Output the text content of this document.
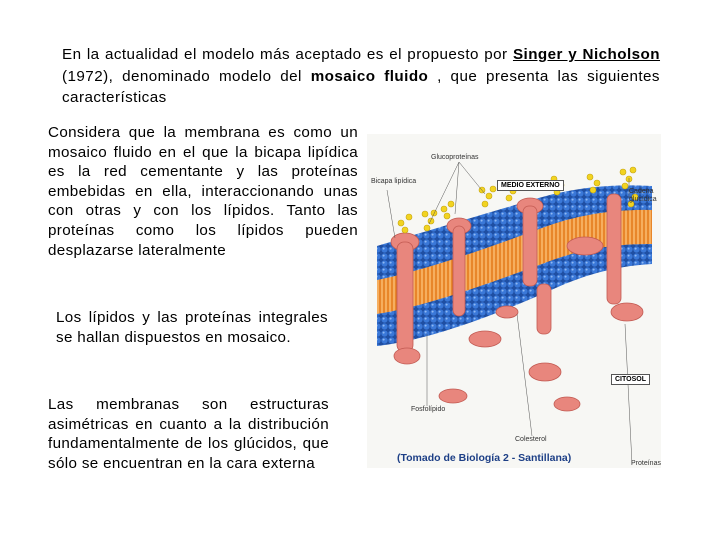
En la actualidad el modelo más aceptado es el propuesto por Singer y Nicholson (1972), denominado modelo del mosaico fluido , que presenta las siguientes características
Considera que la membrana es como un mosaico fluido en el que la bicapa lipídica es la red cementante y las proteínas embebidas en ella, interaccionando unas con otras y con los lípidos. Tanto las proteínas como los lípidos pueden desplazarse lateralmente
Los lípidos y las proteínas integrales se hallan dispuestos en mosaico.
Las membranas son estructuras asimétricas en cuanto a la distribución fundamentalmente de los glúcidos, que sólo se encuentran en la cara externa
Glucoproteínas
Bicapa lipídica
MEDIO EXTERNO
Cadena
glucídica
CITOSOL
Fosfolípido
Colesterol
Proteínas
(Tomado de Biología 2 - Santillana)
